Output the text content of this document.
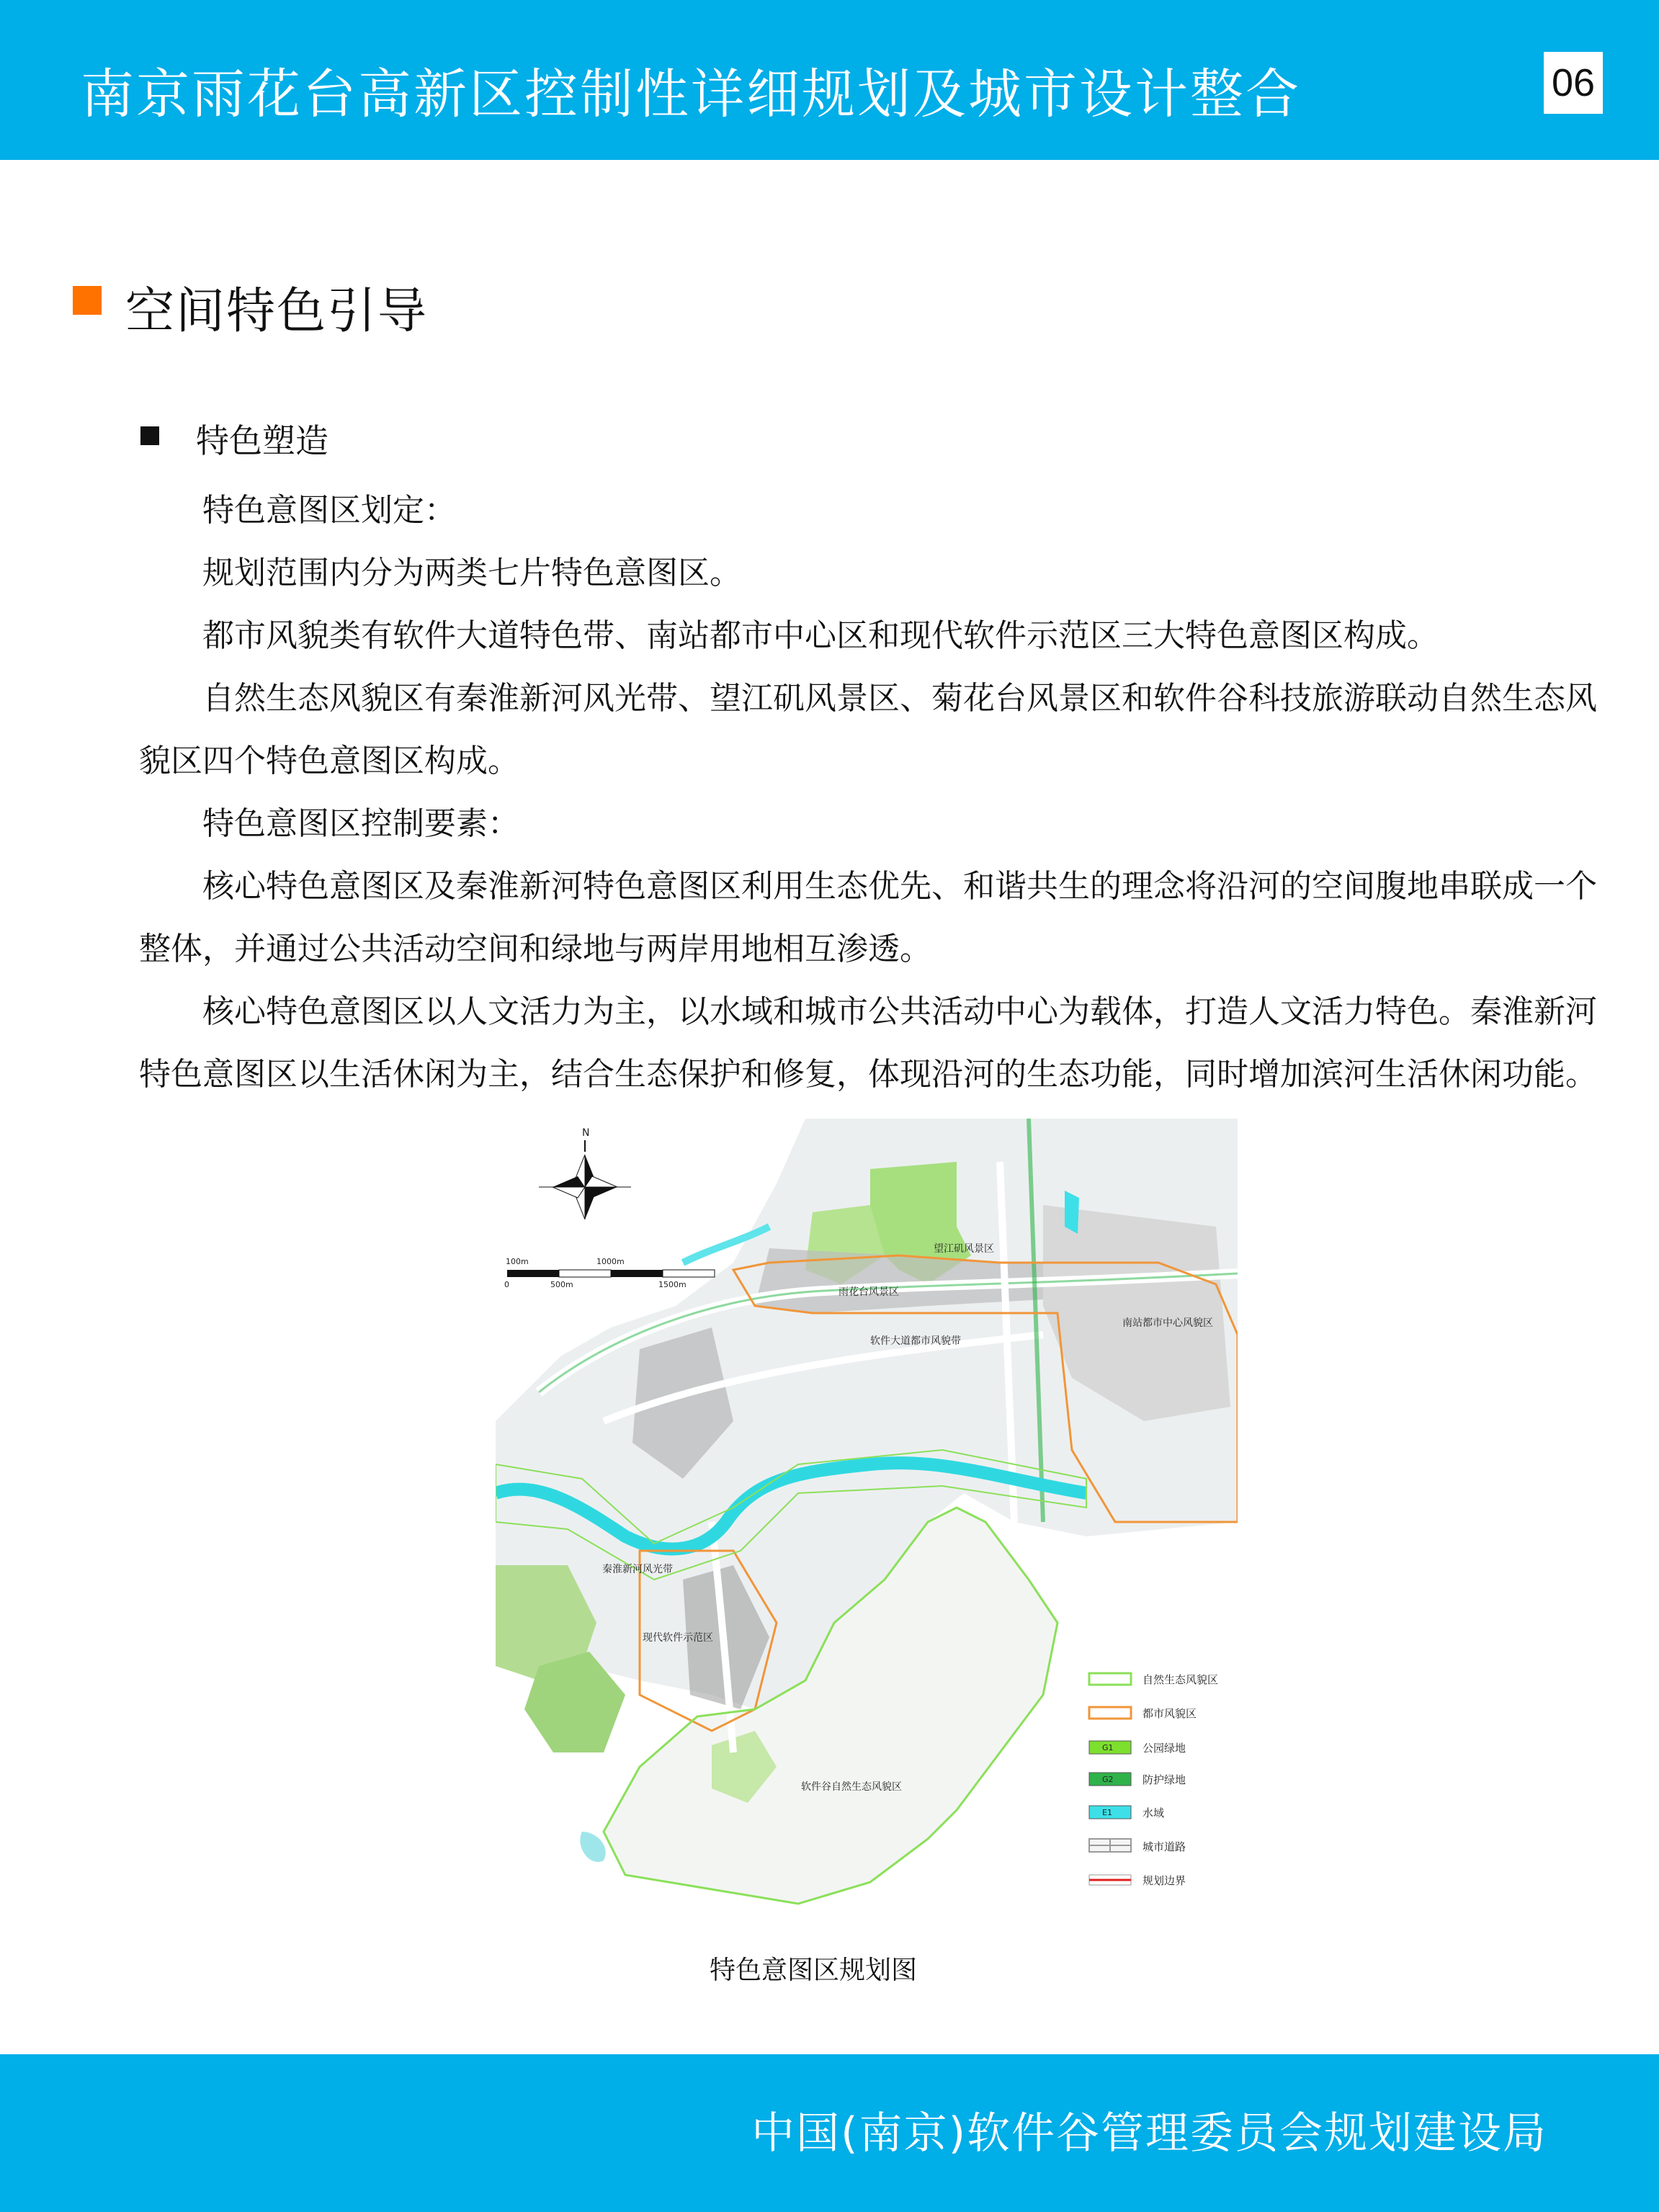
南京雨花台高新区控制性详细规划及城市设计整合	06
空间特色引导
特色塑造

特色意图区划定：

规划范围内分为两类七片特色意图区。

都市风貌类有软件大道特色带、南站都市中心区和现代软件示范区三大特色意图区构成。

自然生态风貌区有秦淮新河风光带、望江矶风景区、菊花台风景区和软件谷科技旅游联动自然生态风貌区四个特色意图区构成。

特色意图区控制要素：

核心特色意图区及秦淮新河特色意图区利用生态优先、和谐共生的理念将沿河的空间腹地串联成一个整体，并通过公共活动空间和绿地与两岸用地相互渗透。

核心特色意图区以人文活力为主，以水域和城市公共活动中心为载体，打造人文活力特色。秦淮新河特色意图区以生活休闲为主，结合生态保护和修复，体现沿河的生态功能，同时增加滨河生活休闲功能。

望江矶风景区
雨花台风景区
南站都市中心风貌区
软件大道都市风貌带
秦淮新河风光带
现代软件示范区
软件谷自然生态风貌区
N
100m	1000m
0	500m	1500m
自然生态风貌区
都市风貌区
G1	公园绿地
G2	防护绿地
E1	水域
城市道路
规划边界
特色意图区规划图
中国(南京)软件谷管理委员会规划建设局
